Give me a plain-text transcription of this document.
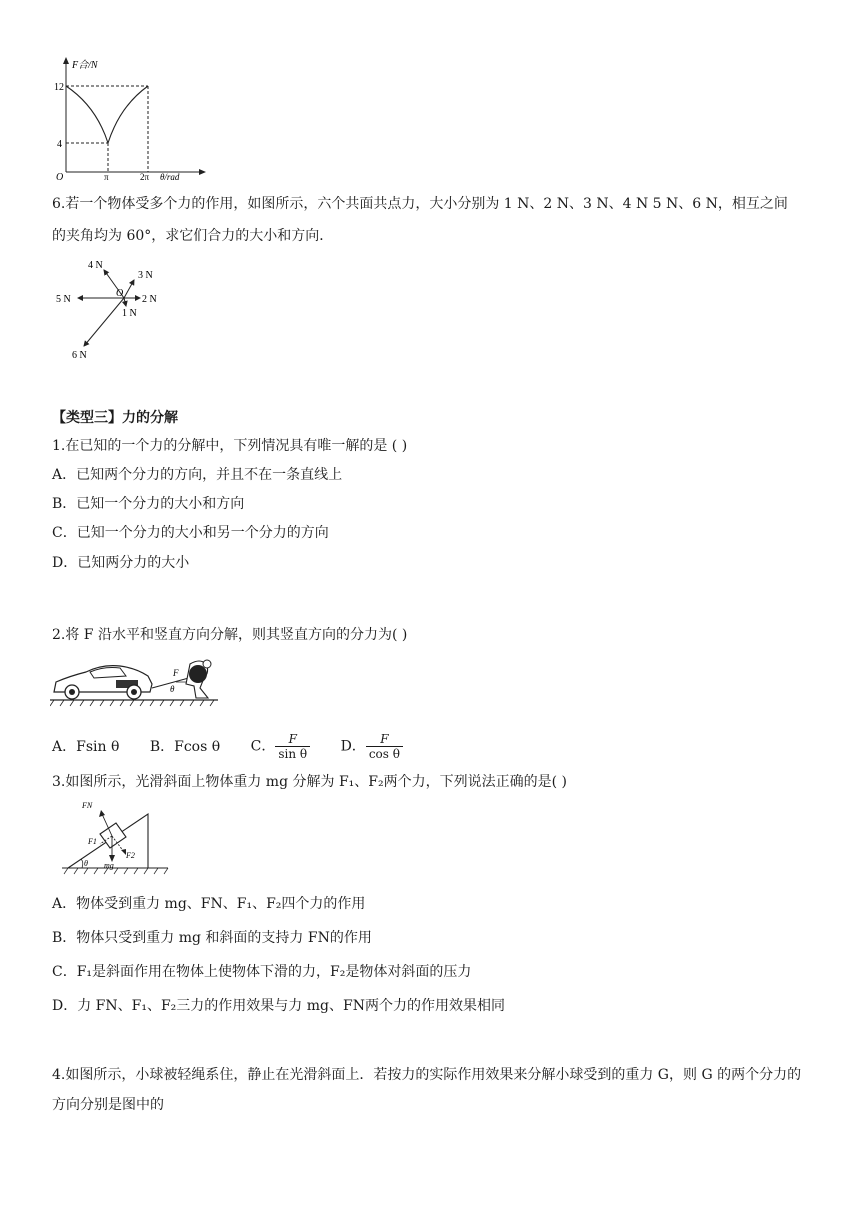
F合/N
12
4
O	π	2π θ/rad
6.若一个物体受多个力的作用，如图所示，六个共面共点力，大小分别为 1 N、2 N、3 N、4 N 5 N、6 N，相互之间
的夹角均为 60°，求它们合力的大小和方向．
O
1 N
2 N
3 N
4 N
5 N
6 N
【类型三】力的分解
1.在已知的一个力的分解中，下列情况具有唯一解的是 ( )
A．已知两个分力的方向，并且不在一条直线上
B．已知一个分力的大小和方向
C．已知一个分力的大小和另一个分力的方向
D．已知两分力的大小
2.将 F 沿水平和竖直方向分解，则其竖直方向的分力为( )
F
θ
A．Fsin θ B．Fcos θ C． $\frac{F}{\text{sin θ}}$ D． $\frac{F}{\text{cos θ}}$
3.如图所示，光滑斜面上物体重力 mg 分解为 F₁、F₂两个力，下列说法正确的是( )
FN
F1
F2
mg
θ
A．物体受到重力 mg、FN、F₁、F₂四个力的作用
B．物体只受到重力 mg 和斜面的支持力 FN的作用
C．F₁是斜面作用在物体上使物体下滑的力，F₂是物体对斜面的压力
D．力 FN、F₁、F₂三力的作用效果与力 mg、FN两个力的作用效果相同
4.如图所示，小球被轻绳系住，静止在光滑斜面上．若按力的实际作用效果来分解小球受到的重力 G，则 G 的两个分力的方向分别是图中的
